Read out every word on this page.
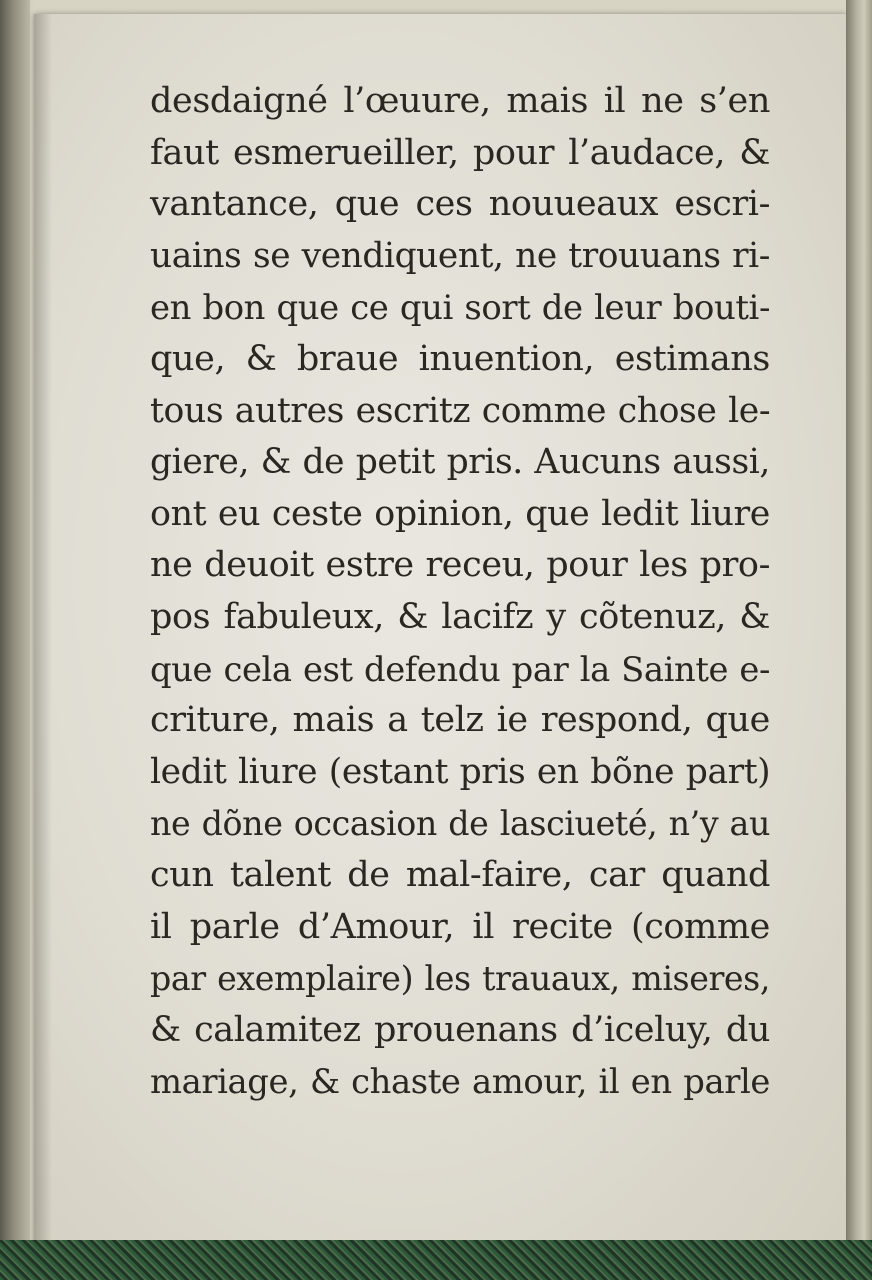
desdaigné l’œuure, mais il ne s’en
faut esmerueiller, pour l’audace, &
vantance, que ces nouueaux escri-
uains se vendiquent, ne trouuans ri-
en bon que ce qui sort de leur bouti-
que, & braue inuention, estimans
tous autres escritz comme chose le-
giere, & de petit pris. Aucuns aussi,
ont eu ceste opinion, que ledit liure
ne deuoit estre receu, pour les pro-
pos fabuleux, & lacifz y cõtenuz, &
que cela est defendu par la Sainte e-
criture, mais a telz ie respond, que
ledit liure (estant pris en bõne part)
ne dõne occasion de lasciueté, n’y au
cun talent de mal-faire, car quand
il parle d’Amour, il recite (comme
par exemplaire) les trauaux, miseres,
& calamitez prouenans d’iceluy, du
mariage, & chaste amour, il en parle
